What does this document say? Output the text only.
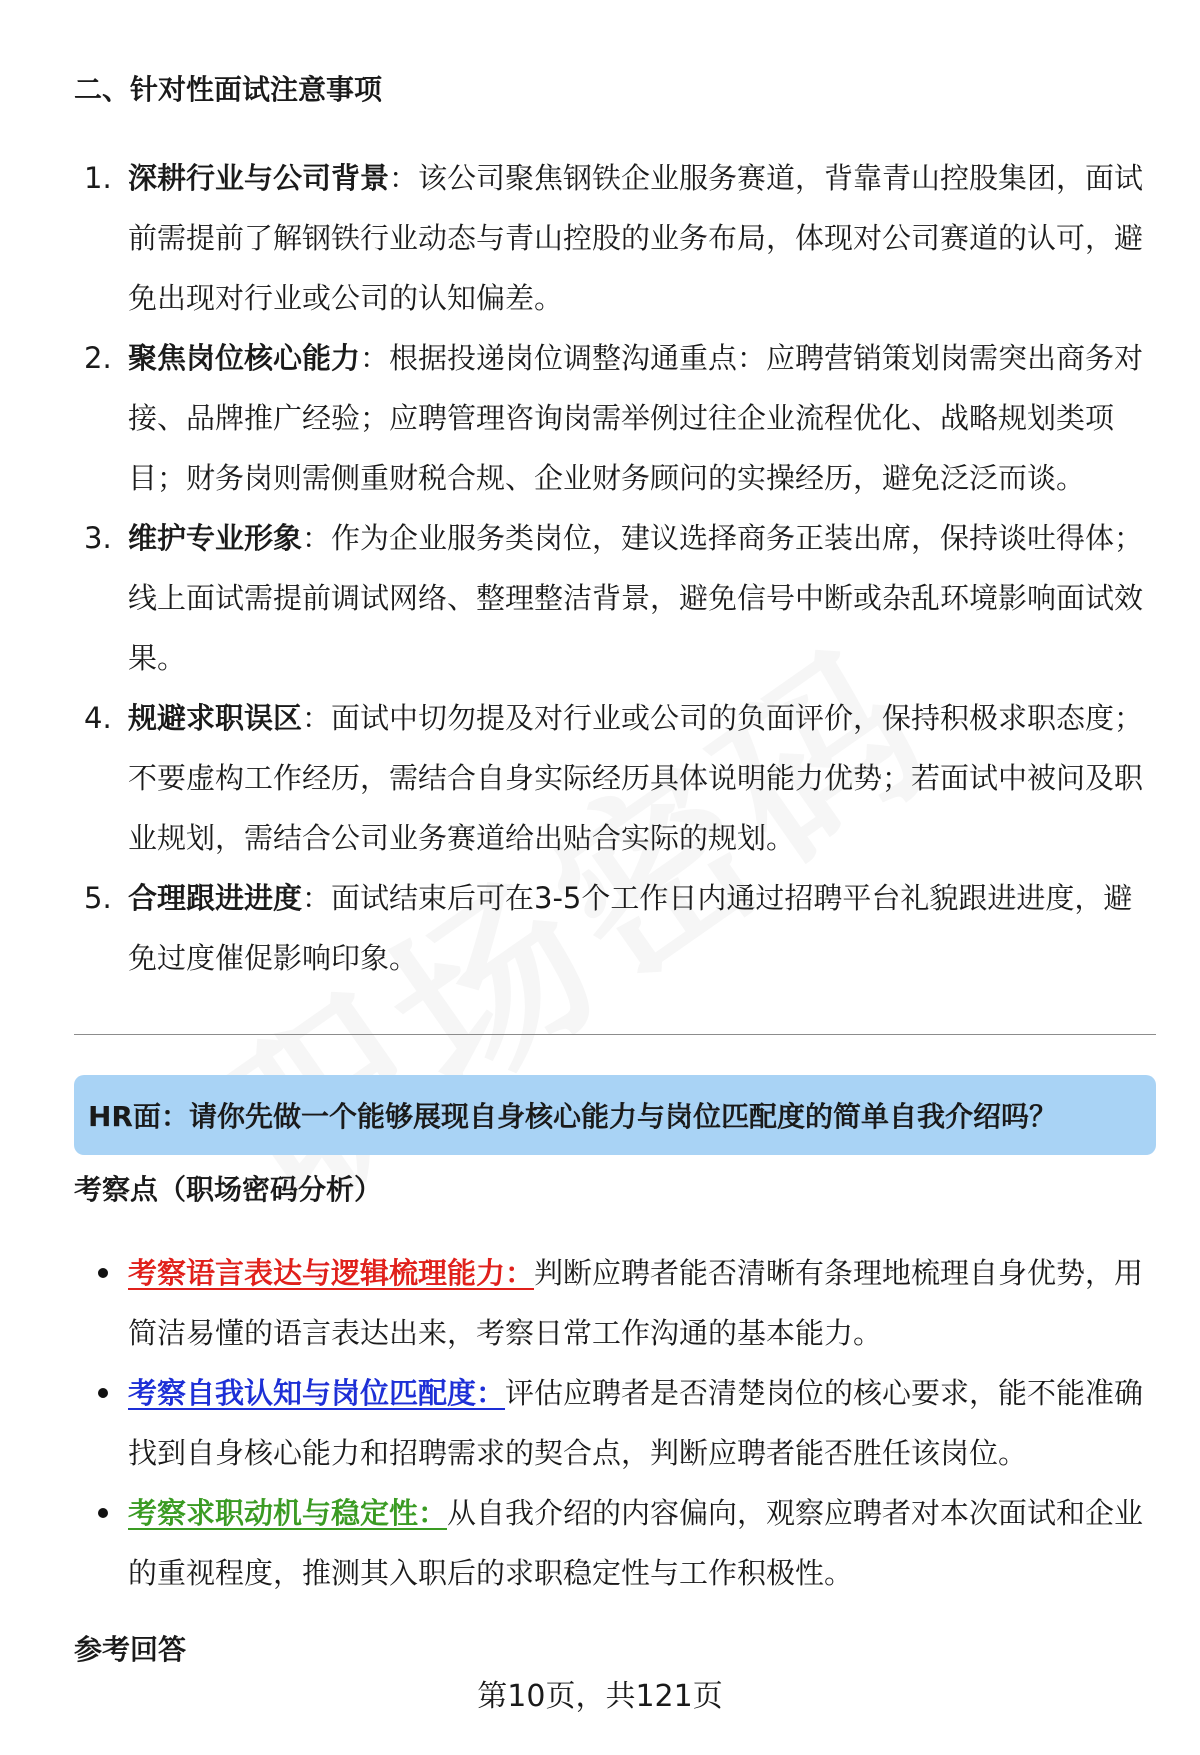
二、针对性面试注意事项
1. 深耕行业与公司背景：该公司聚焦钢铁企业服务赛道，背靠青山控股集团，面试前需提前了解钢铁行业动态与青山控股的业务布局，体现对公司赛道的认可，避免出现对行业或公司的认知偏差。
2. 聚焦岗位核心能力：根据投递岗位调整沟通重点：应聘营销策划岗需突出商务对接、品牌推广经验；应聘管理咨询岗需举例过往企业流程优化、战略规划类项目；财务岗则需侧重财税合规、企业财务顾问的实操经历，避免泛泛而谈。
3. 维护专业形象：作为企业服务类岗位，建议选择商务正装出席，保持谈吐得体；线上面试需提前调试网络、整理整洁背景，避免信号中断或杂乱环境影响面试效果。
4. 规避求职误区：面试中切勿提及对行业或公司的负面评价，保持积极求职态度；不要虚构工作经历，需结合自身实际经历具体说明能力优势；若面试中被问及职业规划，需结合公司业务赛道给出贴合实际的规划。
5. 合理跟进进度：面试结束后可在3-5个工作日内通过招聘平台礼貌跟进进度，避免过度催促影响印象。
HR面：请你先做一个能够展现自身核心能力与岗位匹配度的简单自我介绍吗？
考察点（职场密码分析）
考察语言表达与逻辑梳理能力：判断应聘者能否清晰有条理地梳理自身优势，用简洁易懂的语言表达出来，考察日常工作沟通的基本能力。
考察自我认知与岗位匹配度：评估应聘者是否清楚岗位的核心要求，能不能准确找到自身核心能力和招聘需求的契合点，判断应聘者能否胜任该岗位。
考察求职动机与稳定性：从自我介绍的内容偏向，观察应聘者对本次面试和企业的重视程度，推测其入职后的求职稳定性与工作积极性。
参考回答
第10页，共121页
